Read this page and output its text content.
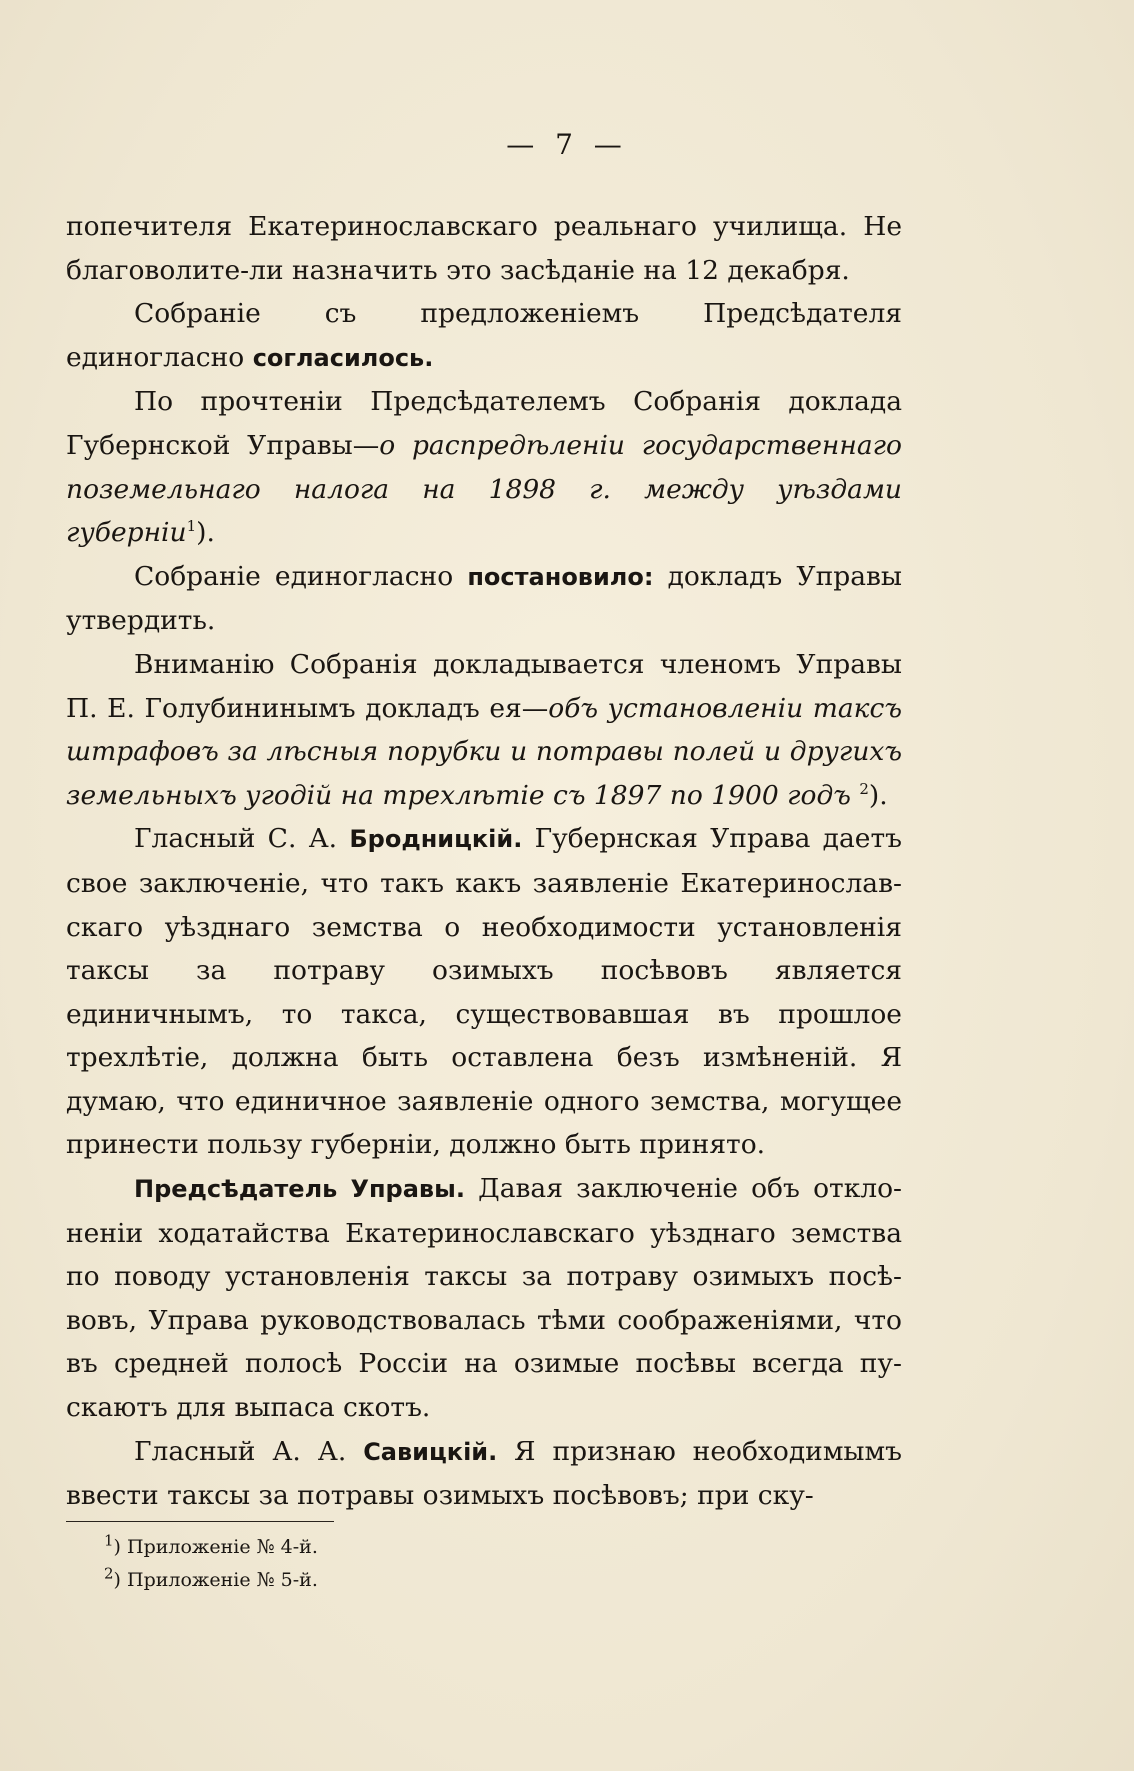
— 7 —

попечителя Екатеринославскаго реальнаго училища. Не благоволите-ли назначить это засѣданіе на 12 декабря.

Собраніе съ предложеніемъ Предсѣдателя единогласно согласилось.

По прочтеніи Предсѣдателемъ Собранія доклада Губернской Управы—о распредѣленіи государственнаго поземельнаго налога на 1898 г. между уѣздами губерніи$^1$).

Собраніе единогласно постановило: докладъ Управы утвердить.

Вниманію Собранія докладывается членомъ Управы П. Е. Голубининымъ докладъ ея—объ установленіи таксъ штрафовъ за лѣсныя порубки и потравы полей и другихъ земельныхъ угодій на трехлѣтіе съ 1897 по 1900 годъ $^2$).

Гласный С. А. Бродницкій. Губернская Управа даетъ свое заключеніе, что такъ какъ заявленіе Екатеринославскаго уѣзднаго земства о необходимости установленія таксы за потраву озимыхъ посѣвовъ является единичнымъ, то такса, существовавшая въ прошлое трехлѣтіе, должна быть оставлена безъ измѣненій. Я думаю, что единичное заявленіе одного земства, могущее принести пользу губерніи, должно быть принято.

Предсѣдатель Управы. Давая заключеніе объ отклоненіи ходатайства Екатеринославскаго уѣзднаго земства по поводу установленія таксы за потраву озимыхъ посѣвовъ, Управа руководствовалась тѣми соображеніями, что въ средней полосѣ Россіи на озимые посѣвы всегда пускаютъ для выпаса скотъ.

Гласный А. А. Савицкій. Я признаю необходимымъ ввести таксы за потравы озимыхъ посѣвовъ; при ску-

$^1$) Приложеніе № 4-й.
$^2$) Приложеніе № 5-й.
